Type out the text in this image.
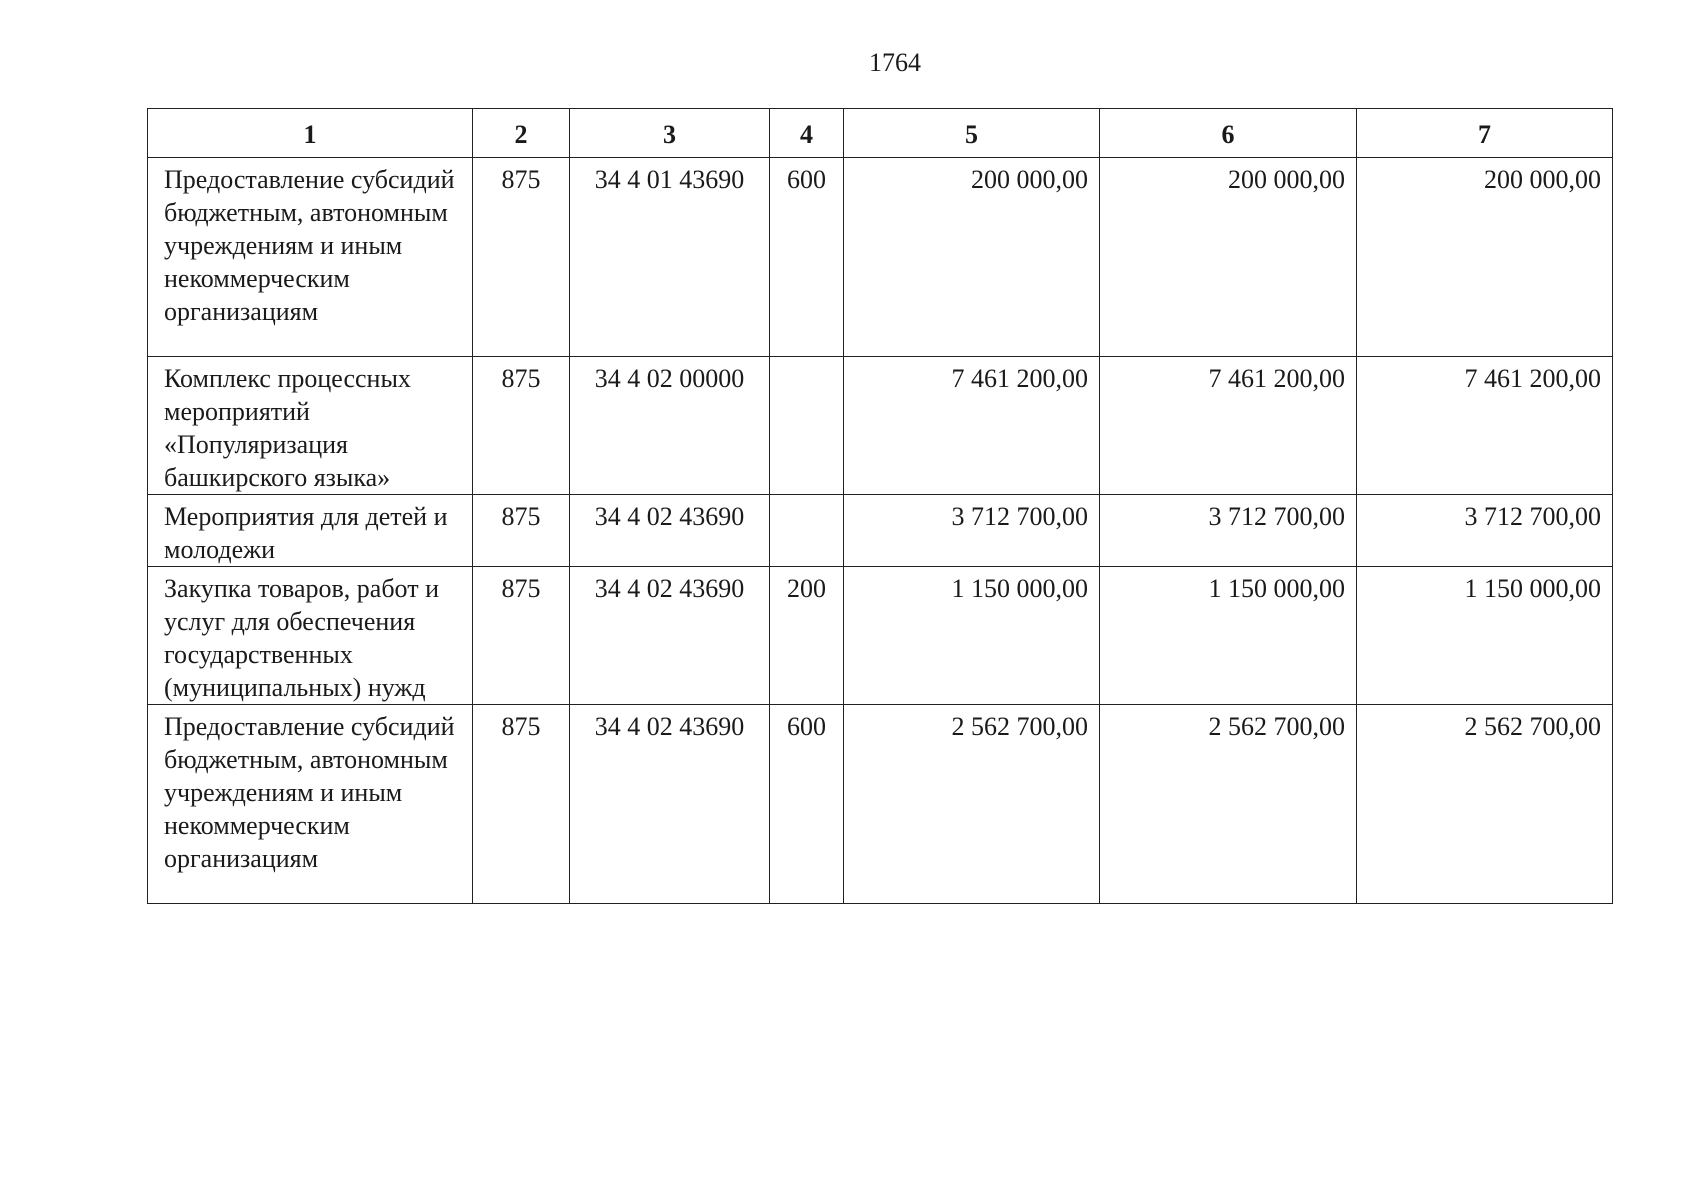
1764
1	2	3	4	5	6	7
Предоставление субсидий бюджетным, автономным учреждениям и иным некоммерческим организациям	875	34 4 01 43690	600	200 000,00	200 000,00	200 000,00
Комплекс процессных мероприятий «Популяризация башкирского языка»	875	34 4 02 00000		7 461 200,00	7 461 200,00	7 461 200,00
Мероприятия для детей и молодежи	875	34 4 02 43690		3 712 700,00	3 712 700,00	3 712 700,00
Закупка товаров, работ и услуг для обеспечения государственных (муниципальных) нужд	875	34 4 02 43690	200	1 150 000,00	1 150 000,00	1 150 000,00
Предоставление субсидий бюджетным, автономным учреждениям и иным некоммерческим организациям	875	34 4 02 43690	600	2 562 700,00	2 562 700,00	2 562 700,00
